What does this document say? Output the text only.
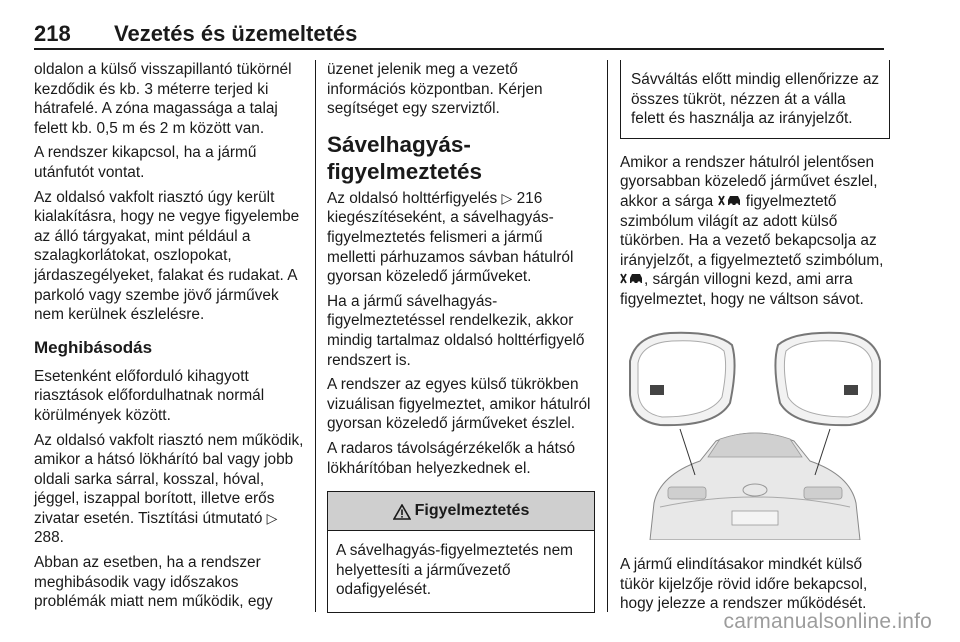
218 Vezetés és üzemeltetés

oldalon a külső visszapillantó tükörnél kezdődik és kb. 3 méterre terjed ki hátrafelé. A zóna magassága a talaj felett kb. 0,5 m és 2 m között van.

A rendszer kikapcsol, ha a jármű utánfutót vontat.

Az oldalsó vakfolt riasztó úgy került kialakításra, hogy ne vegye figyelembe az álló tárgyakat, mint például a szalagkorlátokat, oszlopokat, járdaszegélyeket, falakat és rudakat. A parkoló vagy szembe jövő járművek nem kerülnek észlelésre.

Meghibásodás

Esetenként előforduló kihagyott riasztások előfordulhatnak normál körülmények között.

Az oldalsó vakfolt riasztó nem működik, amikor a hátsó lökhárító bal vagy jobb oldali sarka sárral, kosszal, hóval, jéggel, iszappal borított, illetve erős zivatar esetén. Tisztítási útmutató ▷ 288.

Abban az esetben, ha a rendszer meghibásodik vagy időszakos problémák miatt nem működik, egy

üzenet jelenik meg a vezető információs központban. Kérjen segítséget egy szerviztől.

Sávelhagyás-figyelmeztetés

Az oldalsó holttérfigyelés ▷ 216 kiegészítéseként, a sávelhagyás-figyelmeztetés felismeri a jármű melletti párhuzamos sávban hátulról gyorsan közeledő járműveket.

Ha a jármű sávelhagyás-figyelmeztetéssel rendelkezik, akkor mindig tartalmaz oldalsó holttérfigyelő rendszert is.

A rendszer az egyes külső tükrökben vizuálisan figyelmeztet, amikor hátulról gyorsan közeledő járműveket észlel.

A radaros távolságérzékelők a hátsó lökhárítóban helyezkednek el.

Figyelmeztetés
A sávelhagyás-figyelmeztetés nem helyettesíti a járművezető odafigyelését.
Sávváltás előtt mindig ellenőrizze az összes tükröt, nézzen át a válla felett és használja az irányjelzőt.

Amikor a rendszer hátulról jelentősen gyorsabban közeledő járművet észlel, akkor a sárga  figyelmeztető szimbólum világít az adott külső tükörben. Ha a vezető bekapcsolja az irányjelzőt, a figyelmeztető szimbólum, , sárgán villogni kezd, ami arra figyelmeztet, hogy ne váltson sávot.

A jármű elindításakor mindkét külső tükör kijelzője rövid időre bekapcsol, hogy jelezze a rendszer működését.

carmanualsonline.info
